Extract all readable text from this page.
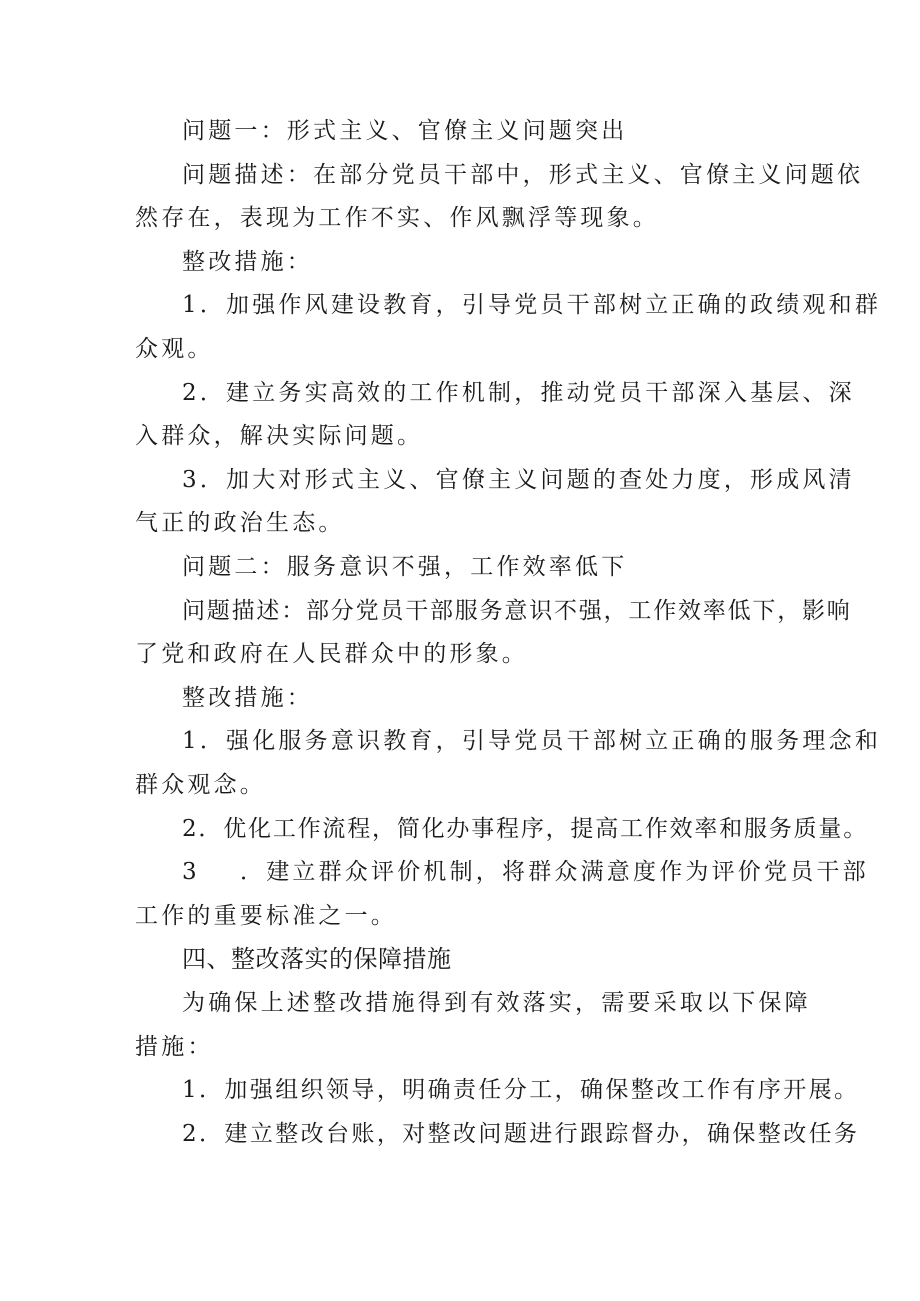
问题一：形式主义、官僚主义问题突出
问题描述：在部分党员干部中，形式主义、官僚主义问题依
然存在，表现为工作不实、作风飘浮等现象。
整改措施：
1．加强作风建设教育，引导党员干部树立正确的政绩观和群
众观。
2．建立务实高效的工作机制，推动党员干部深入基层、深
入群众，解决实际问题。
3．加大对形式主义、官僚主义问题的查处力度，形成风清
气正的政治生态。
问题二：服务意识不强，工作效率低下
问题描述：部分党员干部服务意识不强，工作效率低下，影响
了党和政府在人民群众中的形象。
整改措施：
1．强化服务意识教育，引导党员干部树立正确的服务理念和
群众观念。
2．优化工作流程，简化办事程序，提高工作效率和服务质量。
3 ．建立群众评价机制，将群众满意度作为评价党员干部
工作的重要标准之一。
四、整改落实的保障措施
为确保上述整改措施得到有效落实，需要采取以下保障
措施：
1．加强组织领导，明确责任分工，确保整改工作有序开展。
2．建立整改台账，对整改问题进行跟踪督办，确保整改任务
